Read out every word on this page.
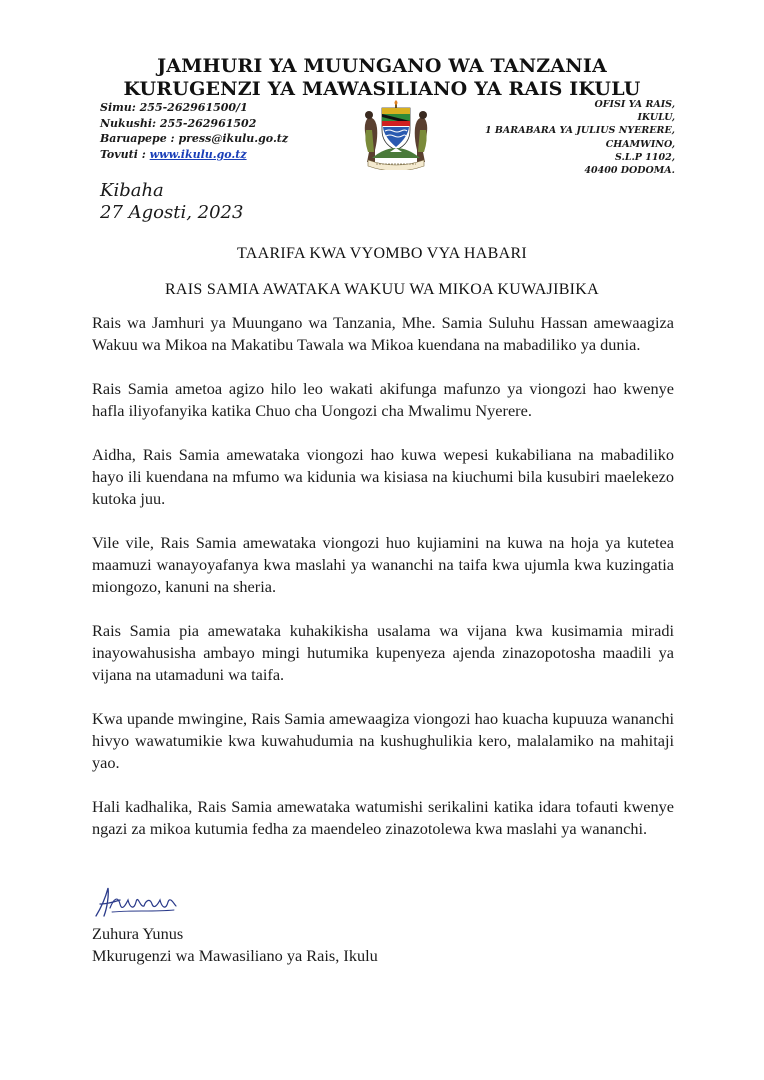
JAMHURI YA MUUNGANO WA TANZANIA
KURUGENZI YA MAWASILIANO YA RAIS IKULU
Simu: 255-262961500/1
Nukushi: 255-262961502
Baruapepe : press@ikulu.go.tz
Tovuti : www.ikulu.go.tz
OFISI YA RAIS,
IKULU,
1 BARABARA YA JULIUS NYERERE,
CHAMWINO,
S.L.P 1102,
40400 DODOMA.
Kibaha
27 Agosti, 2023
TAARIFA KWA VYOMBO VYA HABARI
RAIS SAMIA AWATAKA WAKUU WA MIKOA KUWAJIBIKA

Rais wa Jamhuri ya Muungano wa Tanzania, Mhe. Samia Suluhu Hassan amewaagiza Wakuu wa Mikoa na Makatibu Tawala wa Mikoa kuendana na mabadiliko ya dunia.

Rais Samia ametoa agizo hilo leo wakati akifunga mafunzo ya viongozi hao kwenye hafla iliyofanyika katika Chuo cha Uongozi cha Mwalimu Nyerere.

Aidha, Rais Samia amewataka viongozi hao kuwa wepesi kukabiliana na mabadiliko hayo ili kuendana na mfumo wa kidunia wa kisiasa na kiuchumi bila kusubiri maelekezo kutoka juu.

Vile vile, Rais Samia amewataka viongozi huo kujiamini na kuwa na hoja ya kutetea maamuzi wanayoyafanya kwa maslahi ya wananchi na taifa kwa ujumla kwa kuzingatia miongozo, kanuni na sheria.

Rais Samia pia amewataka kuhakikisha usalama wa vijana kwa kusimamia miradi inayowahusisha ambayo mingi hutumika kupenyeza ajenda zinazopotosha maadili ya vijana na utamaduni wa taifa.

Kwa upande mwingine, Rais Samia amewaagiza viongozi hao kuacha kupuuza wananchi hivyo wawatumikie kwa kuwahudumia na kushughulikia kero, malalamiko na mahitaji yao.

Hali kadhalika, Rais Samia amewataka watumishi serikalini katika idara tofauti kwenye ngazi za mikoa kutumia fedha za maendeleo zinazotolewa kwa maslahi ya wananchi.

Zuhura Yunus
Mkurugenzi wa Mawasiliano ya Rais, Ikulu
